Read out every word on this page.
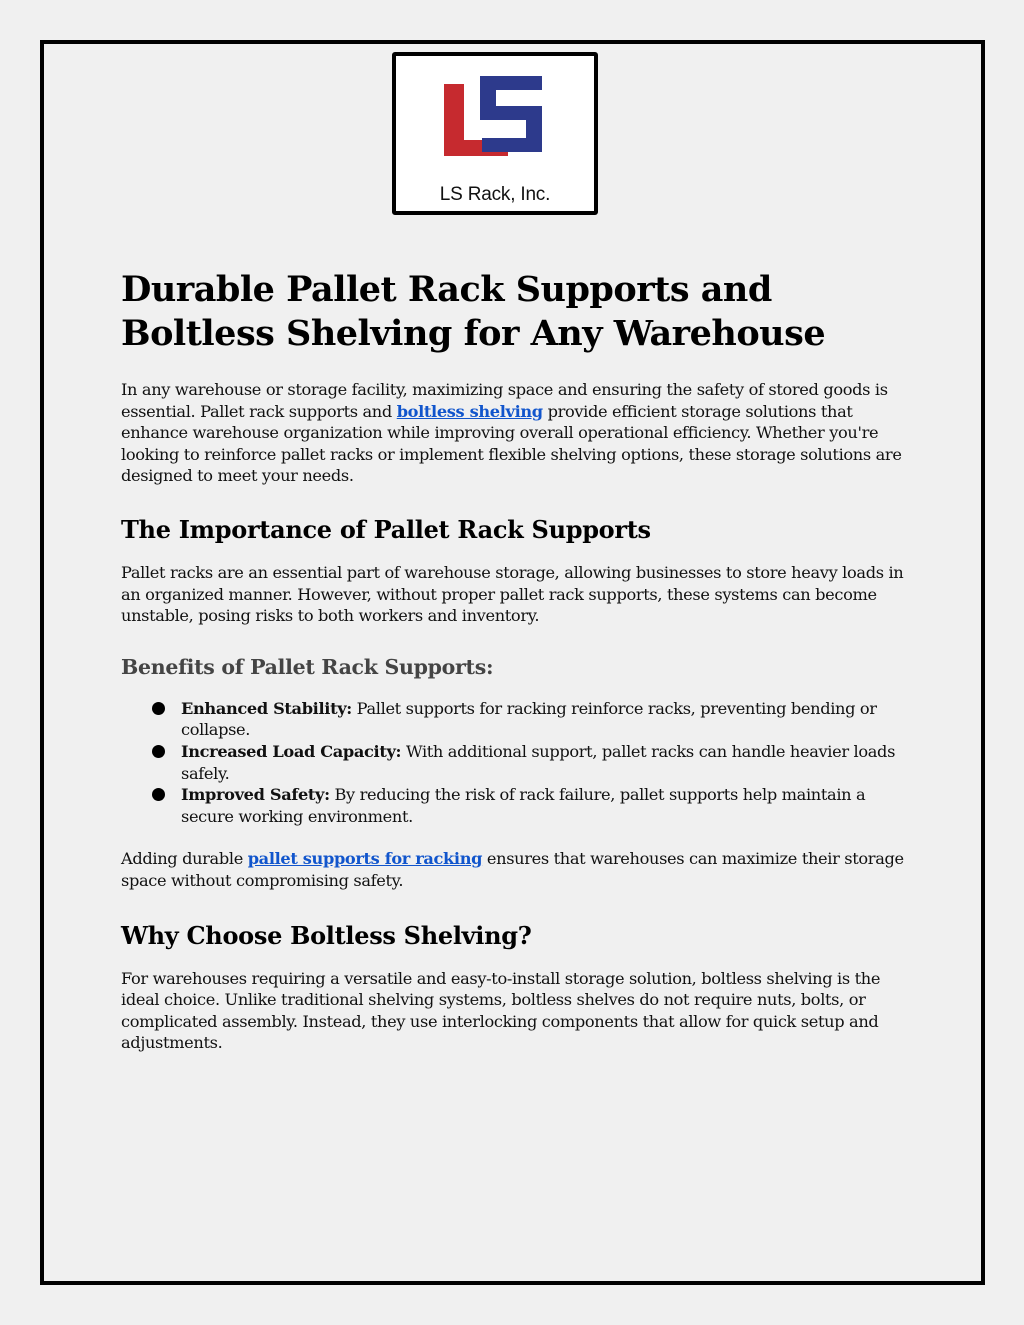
LS Rack, Inc.
Durable Pallet Rack Supports and Boltless Shelving for Any Warehouse

In any warehouse or storage facility, maximizing space and ensuring the safety of stored goods is essential. Pallet rack supports and boltless shelving provide efficient storage solutions that enhance warehouse organization while improving overall operational efficiency. Whether you're looking to reinforce pallet racks or implement flexible shelving options, these storage solutions are designed to meet your needs.

The Importance of Pallet Rack Supports

Pallet racks are an essential part of warehouse storage, allowing businesses to store heavy loads in an organized manner. However, without proper pallet rack supports, these systems can become unstable, posing risks to both workers and inventory.

Benefits of Pallet Rack Supports:
Enhanced Stability: Pallet supports for racking reinforce racks, preventing bending or collapse.
Increased Load Capacity: With additional support, pallet racks can handle heavier loads safely.
Improved Safety: By reducing the risk of rack failure, pallet supports help maintain a secure working environment.

Adding durable pallet supports for racking ensures that warehouses can maximize their storage space without compromising safety.

Why Choose Boltless Shelving?

For warehouses requiring a versatile and easy-to-install storage solution, boltless shelving is the ideal choice. Unlike traditional shelving systems, boltless shelves do not require nuts, bolts, or complicated assembly. Instead, they use interlocking components that allow for quick setup and adjustments.
